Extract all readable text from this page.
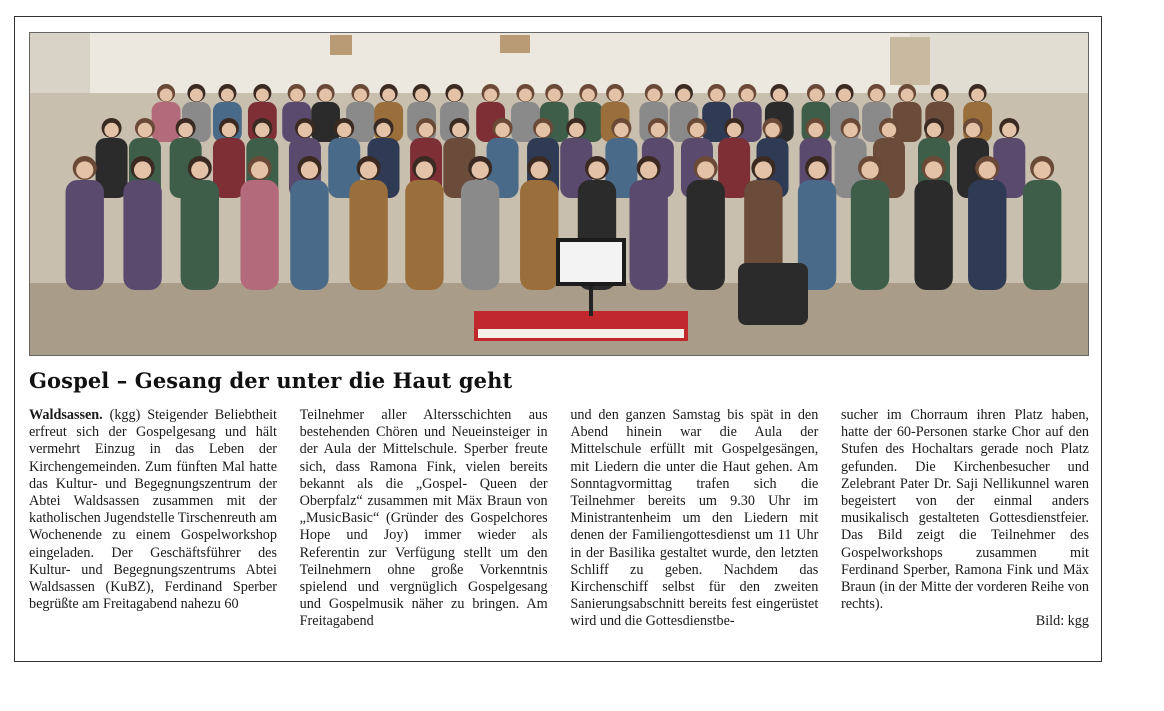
Gospel – Gesang der unter die Haut geht
Waldsassen. (kgg) Steigender Beliebtheit erfreut sich der Gospelgesang und hält vermehrt Einzug in das Leben der Kirchengemeinden. Zum fünften Mal hatte das Kultur- und Begegnungszentrum der Abtei Waldsassen zusammen mit der katholischen Jugendstelle Tirschenreuth am Wochenende zu einem Gospelworkshop eingeladen. Der Geschäftsführer des Kultur- und Begegnungszentrums Abtei Waldsassen (KuBZ), Ferdinand Sperber begrüßte am Freitagabend nahezu 60
Teilnehmer aller Altersschichten aus bestehenden Chören und Neueinsteiger in der Aula der Mittelschule. Sperber freute sich, dass Ramona Fink, vielen bereits bekannt als die „Gospel- Queen der Oberpfalz“ zusammen mit Mäx Braun von „MusicBasic“ (Gründer des Gospelchores Hope und Joy) immer wieder als Referentin zur Verfügung stellt um den Teilnehmern ohne große Vorkenntnis spielend und vergnüglich Gospelgesang und Gospelmusik näher zu bringen. Am Freitagabend
und den ganzen Samstag bis spät in den Abend hinein war die Aula der Mittelschule erfüllt mit Gospelgesängen, mit Liedern die unter die Haut gehen. Am Sonntagvormittag trafen sich die Teilnehmer bereits um 9.30 Uhr im Ministrantenheim um den Liedern mit denen der Familiengottesdienst um 11 Uhr in der Basilika gestaltet wurde, den letzten Schliff zu geben. Nachdem das Kirchenschiff selbst für den zweiten Sanierungsabschnitt bereits fest eingerüstet wird und die Gottesdienstbe-
sucher im Chorraum ihren Platz haben, hatte der 60-Personen starke Chor auf den Stufen des Hochaltars gerade noch Platz gefunden. Die Kirchenbesucher und Zelebrant Pater Dr. Saji Nellikunnel waren begeistert von der einmal anders musikalisch gestalteten Gottesdienstfeier. Das Bild zeigt die Teilnehmer des Gospelworkshops zusammen mit Ferdinand Sperber, Ramona Fink und Mäx Braun (in der Mitte der vorderen Reihe von rechts).
Bild: kgg
